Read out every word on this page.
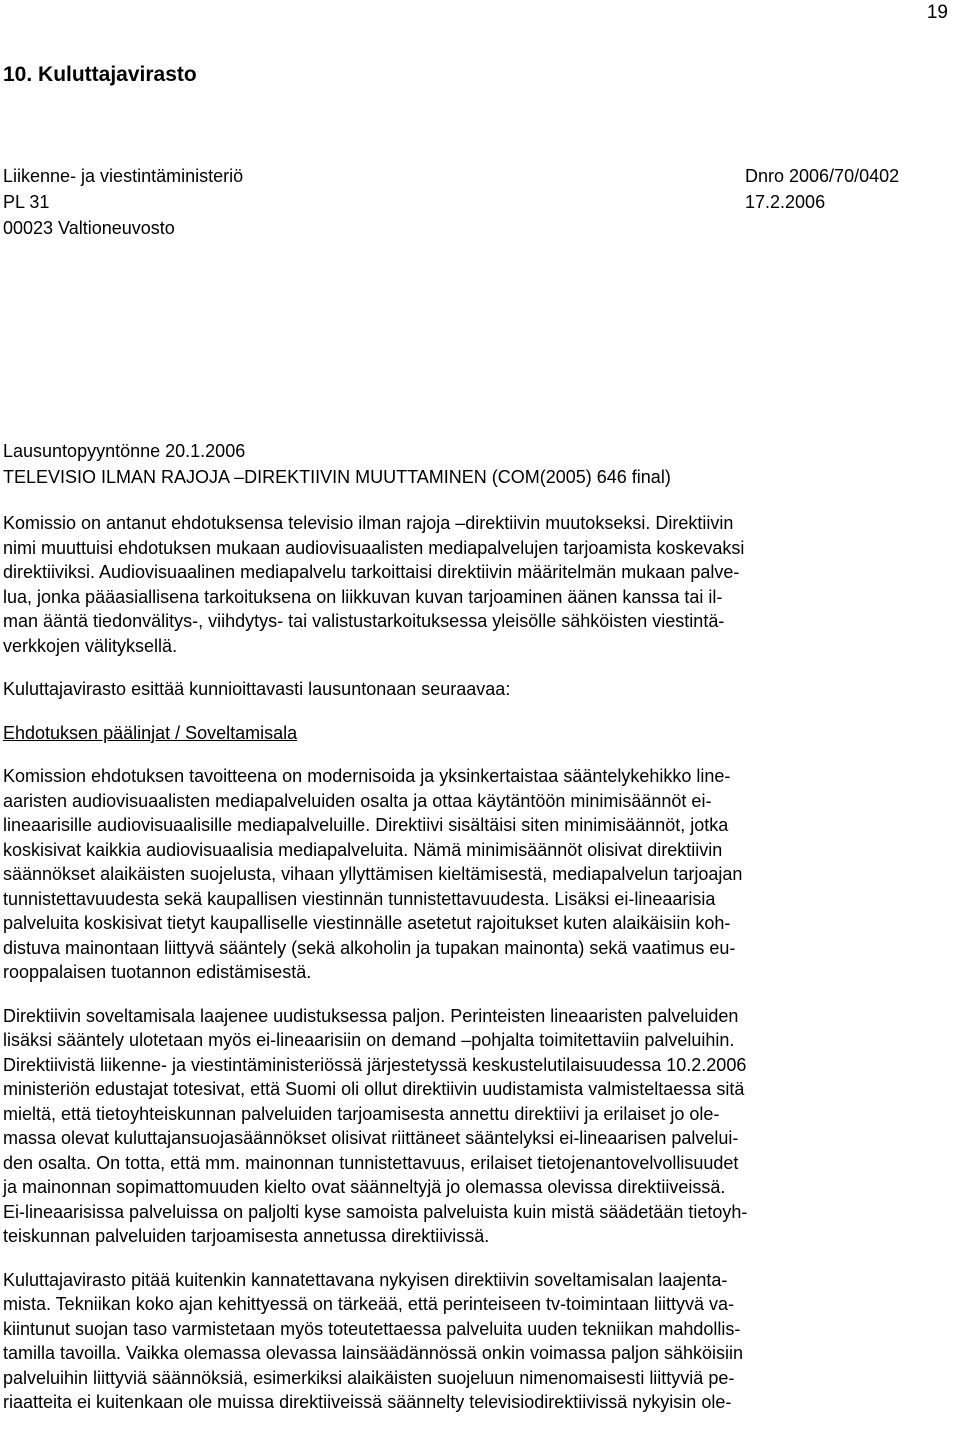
19
10. Kuluttajavirasto
Liikenne- ja viestintäministeriö
PL 31
00023 Valtioneuvosto
Dnro 2006/70/0402
17.2.2006
Lausuntopyyntönne 20.1.2006
TELEVISIO ILMAN RAJOJA –DIREKTIIVIN MUUTTAMINEN (COM(2005) 646 final)

Komissio on antanut ehdotuksensa televisio ilman rajoja –direktiivin muutokseksi. Direktiivin
nimi muuttuisi ehdotuksen mukaan audiovisuaalisten mediapalvelujen tarjoamista koskevaksi
direktiiviksi. Audiovisuaalinen mediapalvelu tarkoittaisi direktiivin määritelmän mukaan palve-
lua, jonka pääasiallisena tarkoituksena on liikkuvan kuvan tarjoaminen äänen kanssa tai il-
man ääntä tiedonvälitys-, viihdytys- tai valistustarkoituksessa yleisölle sähköisten viestintä-
verkkojen välityksellä.

Kuluttajavirasto esittää kunnioittavasti lausuntonaan seuraavaa:

Ehdotuksen päälinjat / Soveltamisala

Komission ehdotuksen tavoitteena on modernisoida ja yksinkertaistaa sääntelykehikko line-
aaristen audiovisuaalisten mediapalveluiden osalta ja ottaa käytäntöön minimisäännöt ei-
lineaarisille audiovisuaalisille mediapalveluille. Direktiivi sisältäisi siten minimisäännöt, jotka
koskisivat kaikkia audiovisuaalisia mediapalveluita. Nämä minimisäännöt olisivat direktiivin
säännökset alaikäisten suojelusta, vihaan yllyttämisen kieltämisestä, mediapalvelun tarjoajan
tunnistettavuudesta sekä kaupallisen viestinnän tunnistettavuudesta. Lisäksi ei-lineaarisia
palveluita koskisivat tietyt kaupalliselle viestinnälle asetetut rajoitukset kuten alaikäisiin koh-
distuva mainontaan liittyvä sääntely (sekä alkoholin ja tupakan mainonta) sekä vaatimus eu-
rooppalaisen tuotannon edistämisestä.

Direktiivin soveltamisala laajenee uudistuksessa paljon. Perinteisten lineaaristen palveluiden
lisäksi sääntely ulotetaan myös ei-lineaarisiin on demand –pohjalta toimitettaviin palveluihin.
Direktiivistä liikenne- ja viestintäministeriössä järjestetyssä keskustelutilaisuudessa 10.2.2006
ministeriön edustajat totesivat, että Suomi oli ollut direktiivin uudistamista valmisteltaessa sitä
mieltä, että tietoyhteiskunnan palveluiden tarjoamisesta annettu direktiivi ja erilaiset jo ole-
massa olevat kuluttajansuojasäännökset olisivat riittäneet sääntelyksi ei-lineaarisen palvelui-
den osalta. On totta, että mm. mainonnan tunnistettavuus, erilaiset tietojenantovelvollisuudet
ja mainonnan sopimattomuuden kielto ovat säänneltyjä jo olemassa olevissa direktiiveissä.
Ei-lineaarisissa palveluissa on paljolti kyse samoista palveluista kuin mistä säädetään tietoyh-
teiskunnan palveluiden tarjoamisesta annetussa direktiivissä.

Kuluttajavirasto pitää kuitenkin kannatettavana nykyisen direktiivin soveltamisalan laajenta-
mista. Tekniikan koko ajan kehittyessä on tärkeää, että perinteiseen tv-toimintaan liittyvä va-
kiintunut suojan taso varmistetaan myös toteutettaessa palveluita uuden tekniikan mahdollis-
tamilla tavoilla. Vaikka olemassa olevassa lainsäädännössä onkin voimassa paljon sähköisiin
palveluihin liittyviä säännöksiä, esimerkiksi alaikäisten suojeluun nimenomaisesti liittyviä pe-
riaatteita ei kuitenkaan ole muissa direktiiveissä säännelty televisiodirektiivissä nykyisin ole-
